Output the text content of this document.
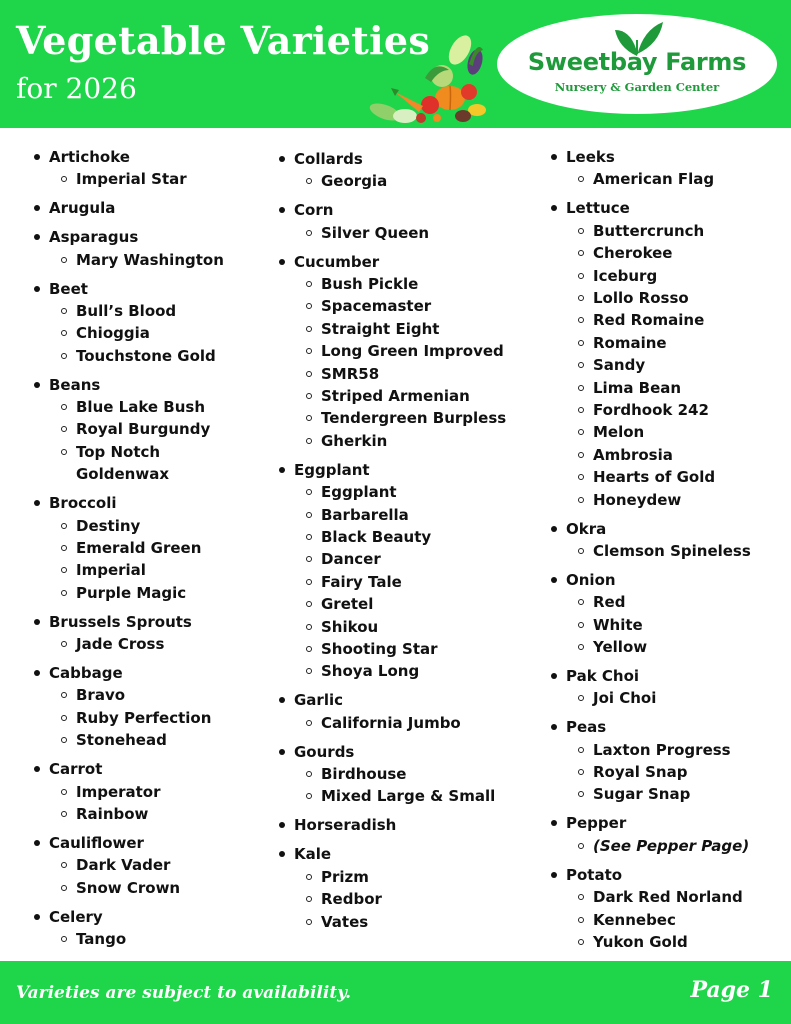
Vegetable Varieties
for 2026
Sweetbay Farms
Nursery & Garden Center
Artichoke
Imperial Star
Arugula
Asparagus
Mary Washington
Beet
Bull’s Blood
Chioggia
Touchstone Gold
Beans
Blue Lake Bush
Royal Burgundy
Top Notch Goldenwax
Broccoli
Destiny
Emerald Green
Imperial
Purple Magic
Brussels Sprouts
Jade Cross
Cabbage
Bravo
Ruby Perfection
Stonehead
Carrot
Imperator
Rainbow
Cauliflower
Dark Vader
Snow Crown
Celery
Tango
Collards
Georgia
Corn
Silver Queen
Cucumber
Bush Pickle
Spacemaster
Straight Eight
Long Green Improved
SMR58
Striped Armenian
Tendergreen Burpless
Gherkin
Eggplant
Eggplant
Barbarella
Black Beauty
Dancer
Fairy Tale
Gretel
Shikou
Shooting Star
Shoya Long
Garlic
California Jumbo
Gourds
Birdhouse
Mixed Large & Small
Horseradish
Kale
Prizm
Redbor
Vates
Leeks
American Flag
Lettuce
Buttercrunch
Cherokee
Iceburg
Lollo Rosso
Red Romaine
Romaine
Sandy
Lima Bean
Fordhook 242
Melon
Ambrosia
Hearts of Gold
Honeydew
Okra
Clemson Spineless
Onion
Red
White
Yellow
Pak Choi
Joi Choi
Peas
Laxton Progress
Royal Snap
Sugar Snap
Pepper
(See Pepper Page)
Potato
Dark Red Norland
Kennebec
Yukon Gold
Varieties are subject to availability.	Page 1
